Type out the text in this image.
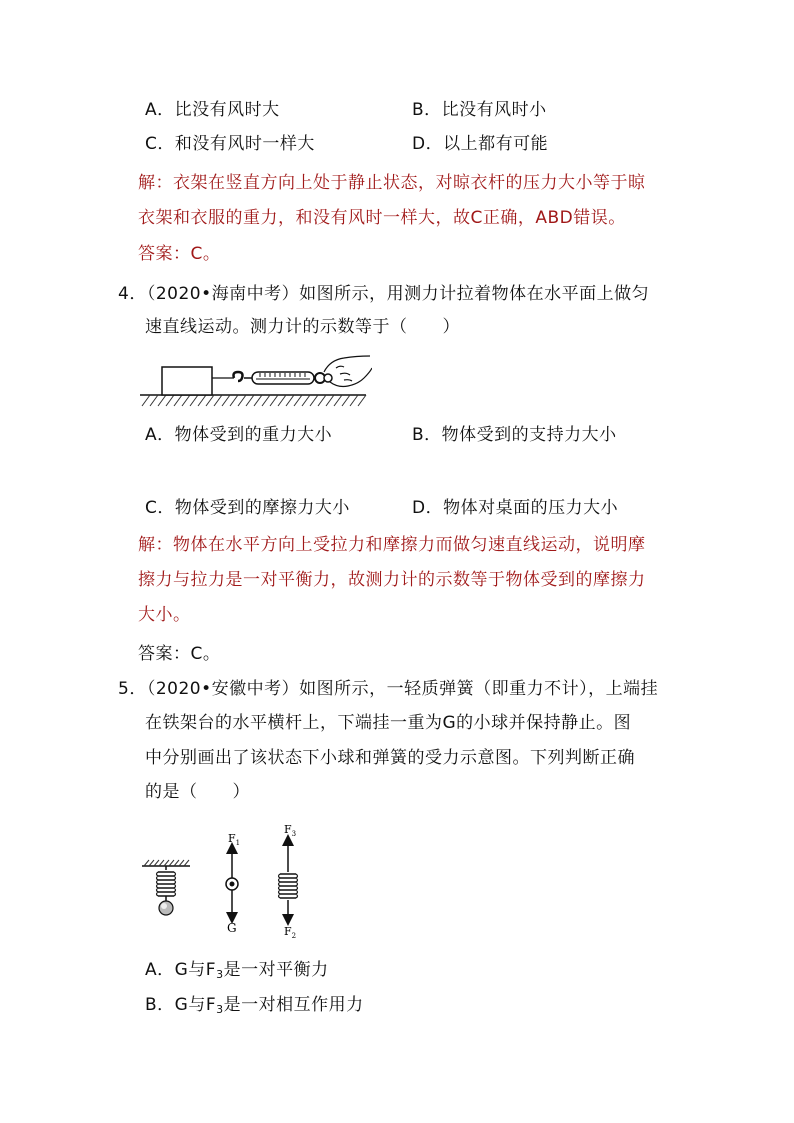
A．比没有风时大	B．比没有风时小
C．和没有风时一样大	D．以上都有可能
解：衣架在竖直方向上处于静止状态，对晾衣杆的压力大小等于晾
衣架和衣服的重力，和没有风时一样大，故C正确，ABD错误。
答案：C。
4．（2020•海南中考）如图所示，用测力计拉着物体在水平面上做匀
速直线运动。测力计的示数等于（　　）
A．物体受到的重力大小	B．物体受到的支持力大小
C．物体受到的摩擦力大小	D．物体对桌面的压力大小
解：物体在水平方向上受拉力和摩擦力而做匀速直线运动，说明摩
擦力与拉力是一对平衡力，故测力计的示数等于物体受到的摩擦力
大小。
答案：C。
5．（2020•安徽中考）如图所示，一轻质弹簧（即重力不计），上端挂
在铁架台的水平横杆上，下端挂一重为G的小球并保持静止。图
中分别画出了该状态下小球和弹簧的受力示意图。下列判断正确
的是（　　）
$F_1$
G
$F_3$
$F_2$
A．G与$F_3$是一对平衡力
B．G与$F_3$是一对相互作用力
